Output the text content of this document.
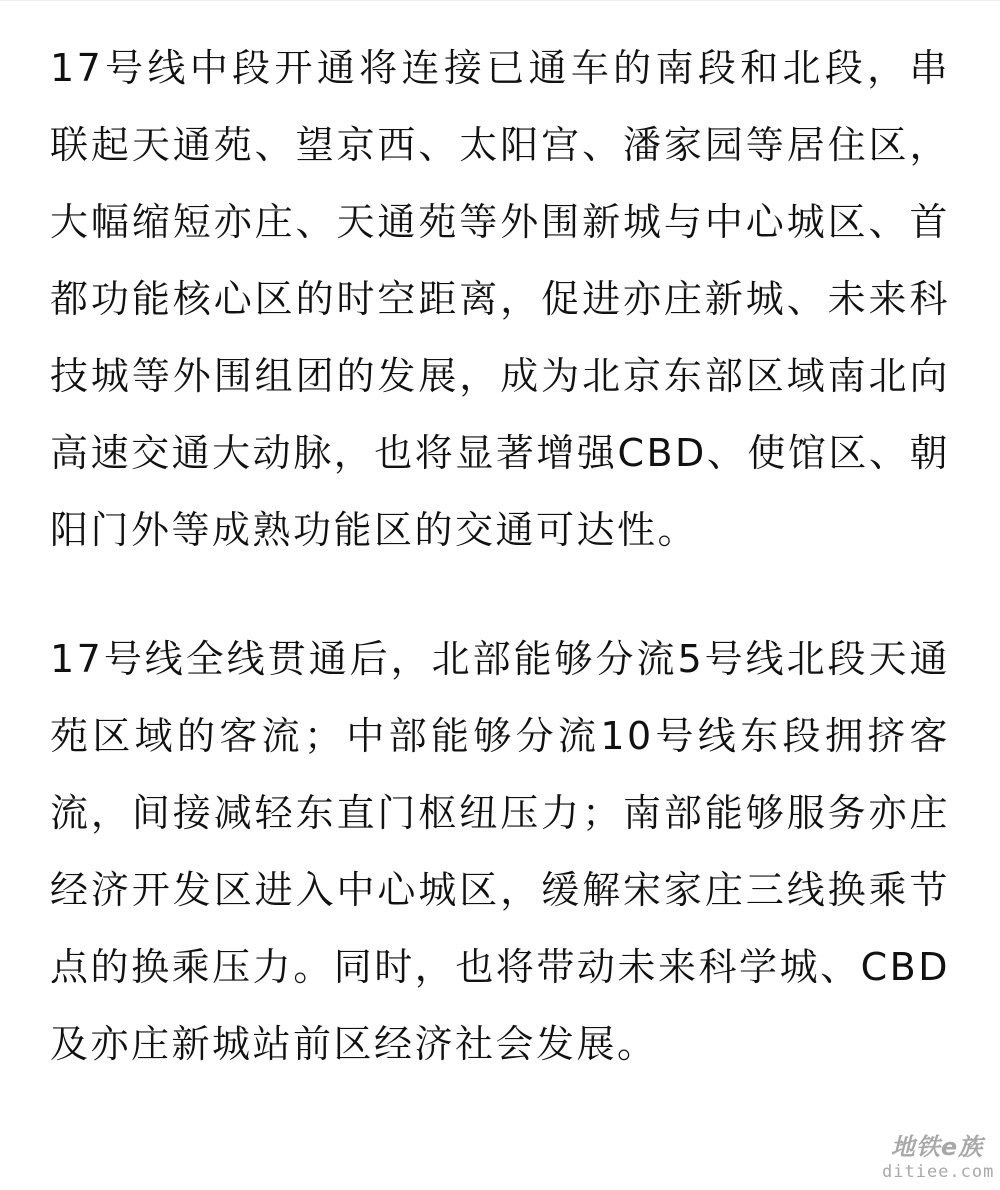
17号线中段开通将连接已通车的南段和北段，串联起天通苑、望京西、太阳宫、潘家园等居住区，大幅缩短亦庄、天通苑等外围新城与中心城区、首都功能核心区的时空距离，促进亦庄新城、未来科技城等外围组团的发展，成为北京东部区域南北向高速交通大动脉，也将显著增强CBD、使馆区、朝阳门外等成熟功能区的交通可达性。

17号线全线贯通后，北部能够分流5号线北段天通苑区域的客流；中部能够分流10号线东段拥挤客流，间接减轻东直门枢纽压力；南部能够服务亦庄经济开发区进入中心城区，缓解宋家庄三线换乘节点的换乘压力。同时，也将带动未来科学城、CBD及亦庄新城站前区经济社会发展。

地铁e族
ditiee.com
